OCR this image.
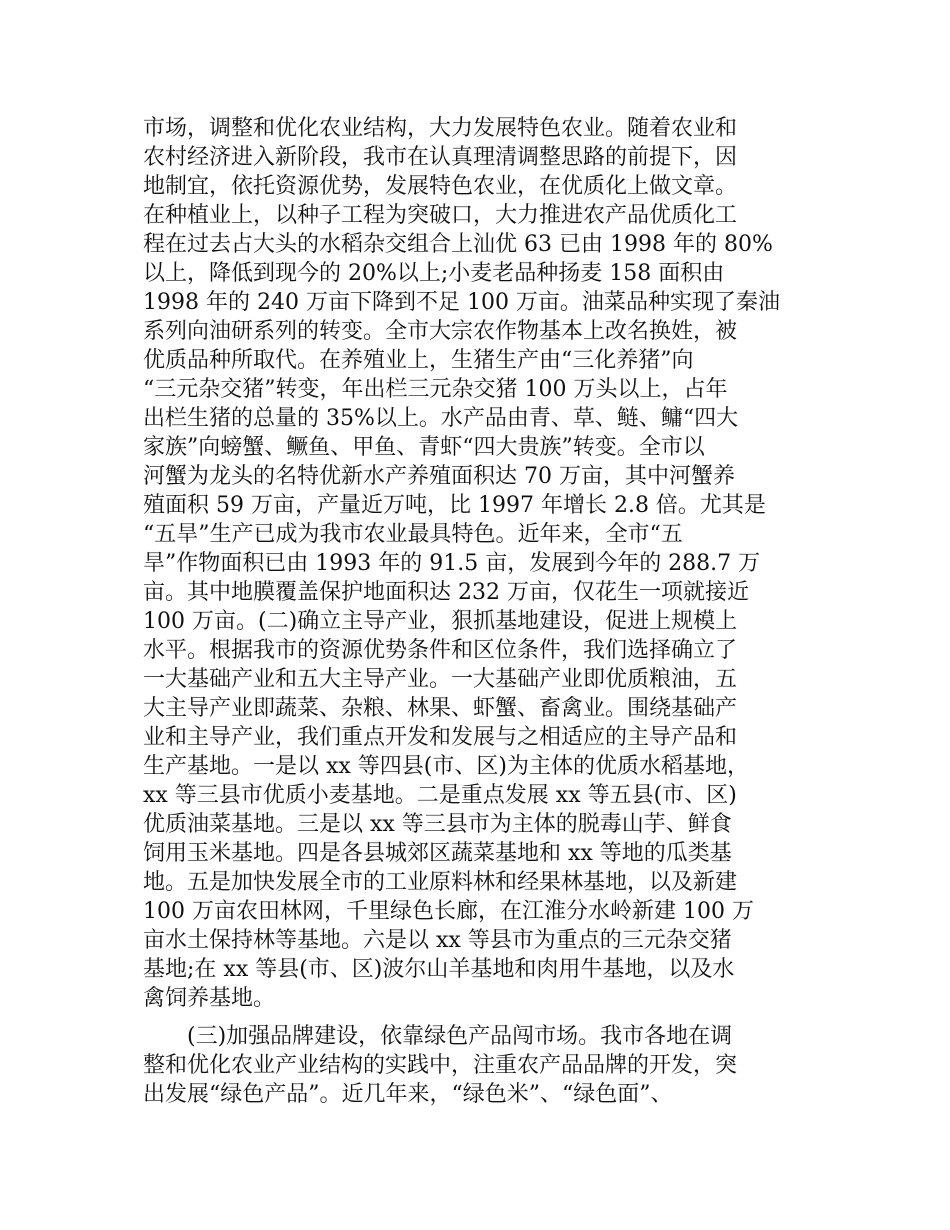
市场，调整和优化农业结构，大力发展特色农业。随着农业和
农村经济进入新阶段，我市在认真理清调整思路的前提下，因
地制宜，依托资源优势，发展特色农业，在优质化上做文章。
在种植业上，以种子工程为突破口，大力推进农产品优质化工
程在过去占大头的水稻杂交组合上汕优 63 已由 1998 年的 80%
以上，降低到现今的 20%以上;小麦老品种扬麦 158 面积由
1998 年的 240 万亩下降到不足 100 万亩。油菜品种实现了秦油
系列向油研系列的转变。全市大宗农作物基本上改名换姓，被
优质品种所取代。在养殖业上，生猪生产由“三化养猪”向
“三元杂交猪”转变，年出栏三元杂交猪 100 万头以上，占年
出栏生猪的总量的 35%以上。水产品由青、草、鲢、鳙“四大
家族”向螃蟹、鳜鱼、甲鱼、青虾“四大贵族”转变。全市以
河蟹为龙头的名特优新水产养殖面积达 70 万亩，其中河蟹养
殖面积 59 万亩，产量近万吨，比 1997 年增长 2.8 倍。尤其是
“五旱”生产已成为我市农业最具特色。近年来，全市“五
旱”作物面积已由 1993 年的 91.5 亩，发展到今年的 288.7 万
亩。其中地膜覆盖保护地面积达 232 万亩，仅花生一项就接近
100 万亩。(二)确立主导产业，狠抓基地建设，促进上规模上
水平。根据我市的资源优势条件和区位条件，我们选择确立了
一大基础产业和五大主导产业。一大基础产业即优质粮油，五
大主导产业即蔬菜、杂粮、林果、虾蟹、畜禽业。围绕基础产
业和主导产业，我们重点开发和发展与之相适应的主导产品和
生产基地。一是以 xx 等四县(市、区)为主体的优质水稻基地，
xx 等三县市优质小麦基地。二是重点发展 xx 等五县(市、区)
优质油菜基地。三是以 xx 等三县市为主体的脱毒山芋、鲜食
饲用玉米基地。四是各县城郊区蔬菜基地和 xx 等地的瓜类基
地。五是加快发展全市的工业原料林和经果林基地，以及新建
100 万亩农田林网，千里绿色长廊，在江淮分水岭新建 100 万
亩水土保持林等基地。六是以 xx 等县市为重点的三元杂交猪
基地;在 xx 等县(市、区)波尔山羊基地和肉用牛基地，以及水
禽饲养基地。
(三)加强品牌建设，依靠绿色产品闯市场。我市各地在调
整和优化农业产业结构的实践中，注重农产品品牌的开发，突
出发展“绿色产品”。近几年来，“绿色米”、“绿色面”、
